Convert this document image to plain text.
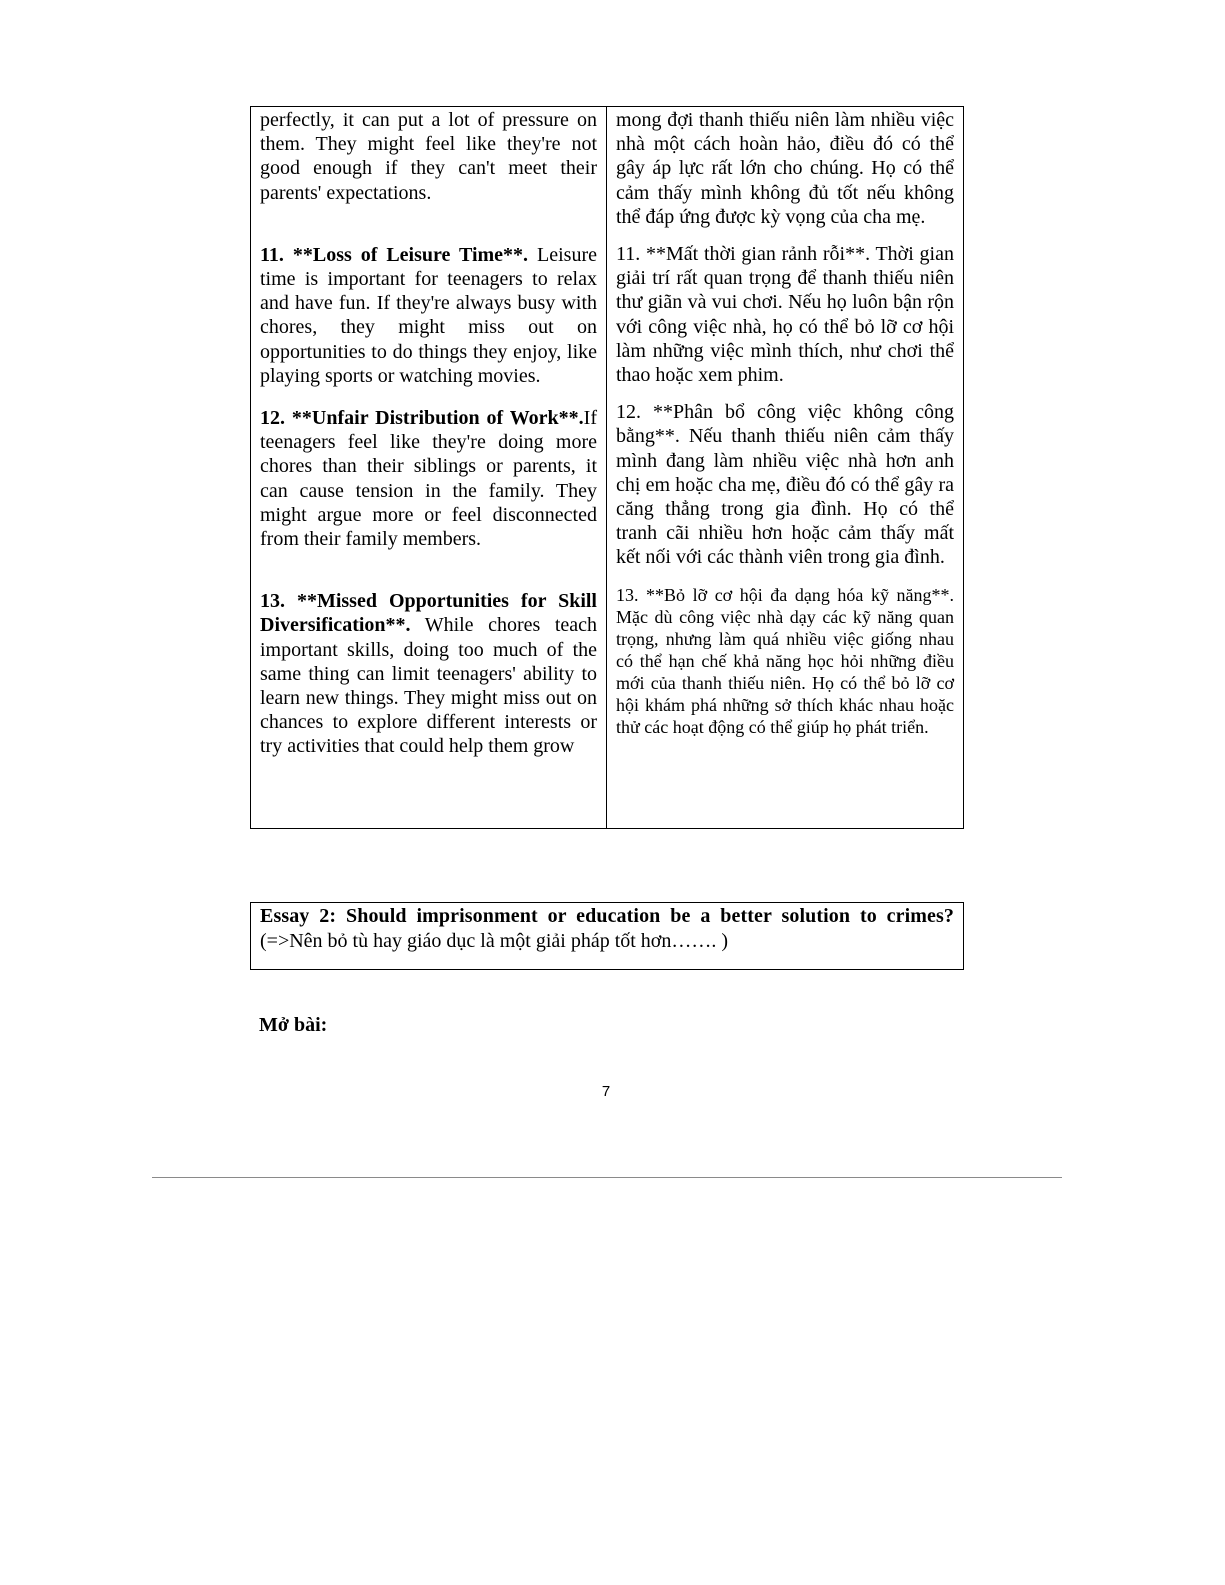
perfectly, it can put a lot of pressure on them. They might feel like they're not good enough if they can't meet their parents' expectations.

11. **Loss of Leisure Time**. Leisure time is important for teenagers to relax and have fun. If they're always busy with chores, they might miss out on opportunities to do things they enjoy, like playing sports or watching movies.

12. **Unfair Distribution of Work**.If teenagers feel like they're doing more chores than their siblings or parents, it can cause tension in the family. They might argue more or feel disconnected from their family members.

13. **Missed Opportunities for Skill Diversification**. While chores teach important skills, doing too much of the same thing can limit teenagers' ability to learn new things. They might miss out on chances to explore different interests or try activities that could help them grow

mong đợi thanh thiếu niên làm nhiều việc nhà một cách hoàn hảo, điều đó có thể gây áp lực rất lớn cho chúng. Họ có thể cảm thấy mình không đủ tốt nếu không thể đáp ứng được kỳ vọng của cha mẹ.

11. **Mất thời gian rảnh rỗi**. Thời gian giải trí rất quan trọng để thanh thiếu niên thư giãn và vui chơi. Nếu họ luôn bận rộn với công việc nhà, họ có thể bỏ lỡ cơ hội làm những việc mình thích, như chơi thể thao hoặc xem phim.

12. **Phân bổ công việc không công bằng**. Nếu thanh thiếu niên cảm thấy mình đang làm nhiều việc nhà hơn anh chị em hoặc cha mẹ, điều đó có thể gây ra căng thẳng trong gia đình. Họ có thể tranh cãi nhiều hơn hoặc cảm thấy mất kết nối với các thành viên trong gia đình.

13. **Bỏ lỡ cơ hội đa dạng hóa kỹ năng**. Mặc dù công việc nhà dạy các kỹ năng quan trọng, nhưng làm quá nhiều việc giống nhau có thể hạn chế khả năng học hỏi những điều mới của thanh thiếu niên. Họ có thể bỏ lỡ cơ hội khám phá những sở thích khác nhau hoặc thử các hoạt động có thể giúp họ phát triển.

Essay 2: Should imprisonment or education be a better solution to crimes?

(=>Nên bỏ tù hay giáo dục là một giải pháp tốt hơn……. )

Mở bài:

7
